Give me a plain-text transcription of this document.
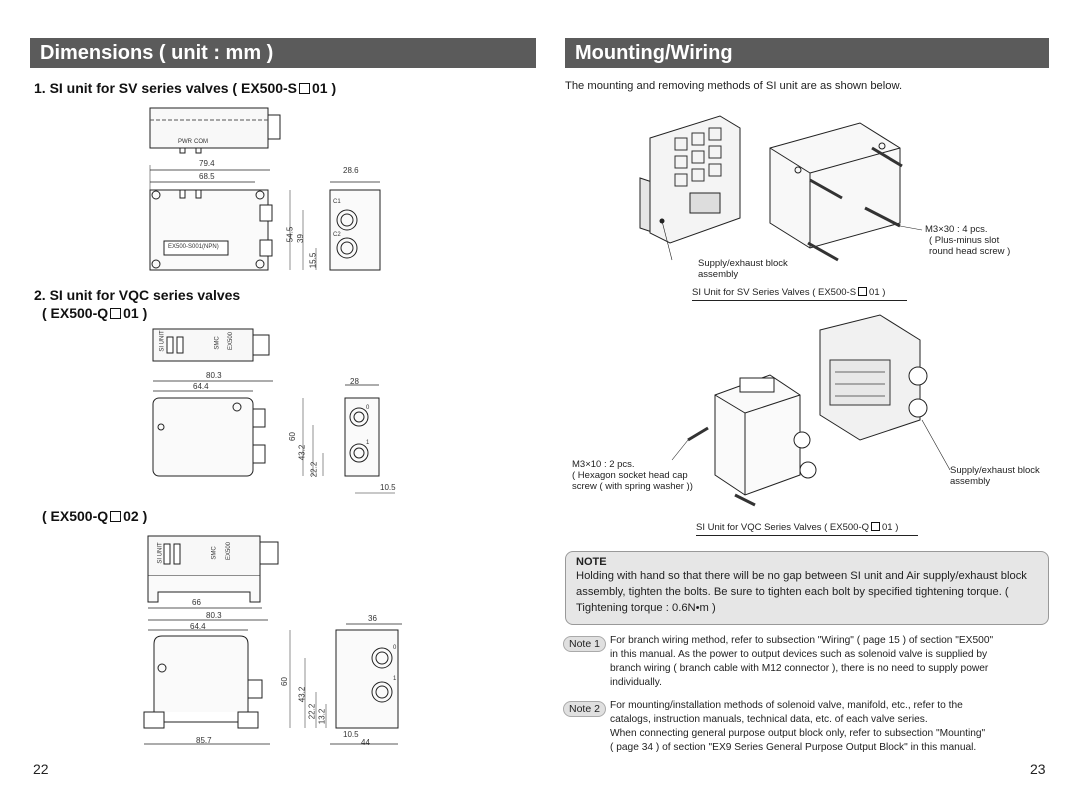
Dimensions ( unit : mm )
1. SI unit for SV series valves ( EX500-S 01 )
PWR COM
79.4
68.5
28.6
C1
C2
EX500-S001(NPN)
54.5 39
15.5
2. SI unit for VQC series valves
( EX500-Q 01 )
SI UNIT	SMC EX500
80.3
64.4
28
0
1
60
43.2
22.2
10.5
( EX500-Q 02 )
SI UNIT	SMC EX500
66
80.3
64.4
36
0
1
60
43.2
22.2 13.2
10.5
44
85.7
22
Mounting/Wiring
The mounting and removing methods of SI unit are as shown below.
M3×30 : 4 pcs.
( Plus-minus slot
round head screw )
Supply/exhaust block
assembly
SI Unit for SV Series Valves ( EX500-S 01 )
M3×10 : 2 pcs.
( Hexagon socket head cap
screw ( with spring washer ))
Supply/exhaust block
assembly
SI Unit for VQC Series Valves ( EX500-Q 01 )
NOTE
Holding with hand so that there will be no gap between SI unit and Air supply/exhaust block assembly, tighten the bolts. Be sure to tighten each bolt by specified tightening torque. ( Tightening torque : 0.6N•m )
Note 1 For branch wiring method, refer to subsection "Wiring" ( page 15 ) of section "EX500"
in this manual. As the power to output devices such as solenoid valve is supplied by
branch wiring ( branch cable with M12 connector ), there is no need to supply power
individually.
Note 2 For mounting/installation methods of solenoid valve, manifold, etc., refer to the
catalogs, instruction manuals, technical data, etc. of each valve series.
When connecting general purpose output block only, refer to subsection "Mounting"
( page 34 ) of section "EX9 Series General Purpose Output Block" in this manual.
23
